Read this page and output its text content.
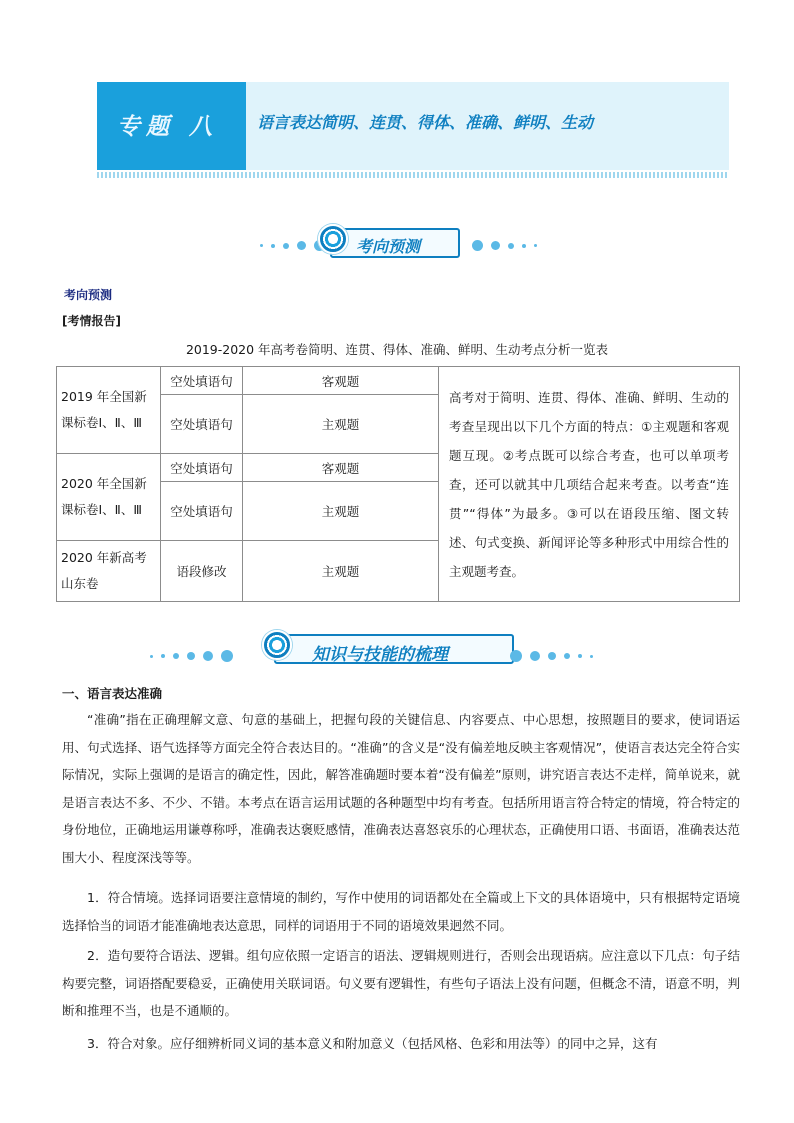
专题 八 语言表达简明、连贯、得体、准确、鲜明、生动
考向预测
考向预测
[考情报告]
2019-2020 年高考卷简明、连贯、得体、准确、鲜明、生动考点分析一览表
2019 年全国新课标卷Ⅰ、Ⅱ、Ⅲ	空处填语句	客观题	高考对于简明、连贯、得体、准确、鲜明、生动的考查呈现出以下几个方面的特点：①主观题和客观题互现。②考点既可以综合考查，也可以单项考查，还可以就其中几项结合起来考查。以考查“连贯”“得体”为最多。③可以在语段压缩、图文转述、句式变换、新闻评论等多种形式中用综合性的主观题考查。
	空处填语句	主观题	
2020 年全国新课标卷Ⅰ、Ⅱ、Ⅲ	空处填语句	客观题	
	空处填语句	主观题	
2020 年新高考山东卷	语段修改	主观题	
知识与技能的梳理
一、语言表达准确
“准确”指在正确理解文意、句意的基础上，把握句段的关键信息、内容要点、中心思想，按照题目的要求，使词语运用、句式选择、语气选择等方面完全符合表达目的。“准确”的含义是“没有偏差地反映主客观情况”，使语言表达完全符合实际情况，实际上强调的是语言的确定性，因此，解答准确题时要本着“没有偏差”原则，讲究语言表达不走样，简单说来，就是语言表达不多、不少、不错。本考点在语言运用试题的各种题型中均有考查。包括所用语言符合特定的情境，符合特定的身份地位，正确地运用谦尊称呼，准确表达褒贬感情，准确表达喜怒哀乐的心理状态，正确使用口语、书面语，准确表达范围大小、程度深浅等等。
1．符合情境。选择词语要注意情境的制约，写作中使用的词语都处在全篇或上下文的具体语境中，只有根据特定语境选择恰当的词语才能准确地表达意思，同样的词语用于不同的语境效果迥然不同。
2．造句要符合语法、逻辑。组句应依照一定语言的语法、逻辑规则进行，否则会出现语病。应注意以下几点：句子结构要完整，词语搭配要稳妥，正确使用关联词语。句义要有逻辑性，有些句子语法上没有问题，但概念不清，语意不明，判断和推理不当，也是不通顺的。
3．符合对象。应仔细辨析同义词的基本意义和附加意义（包括风格、色彩和用法等）的同中之异，这有
